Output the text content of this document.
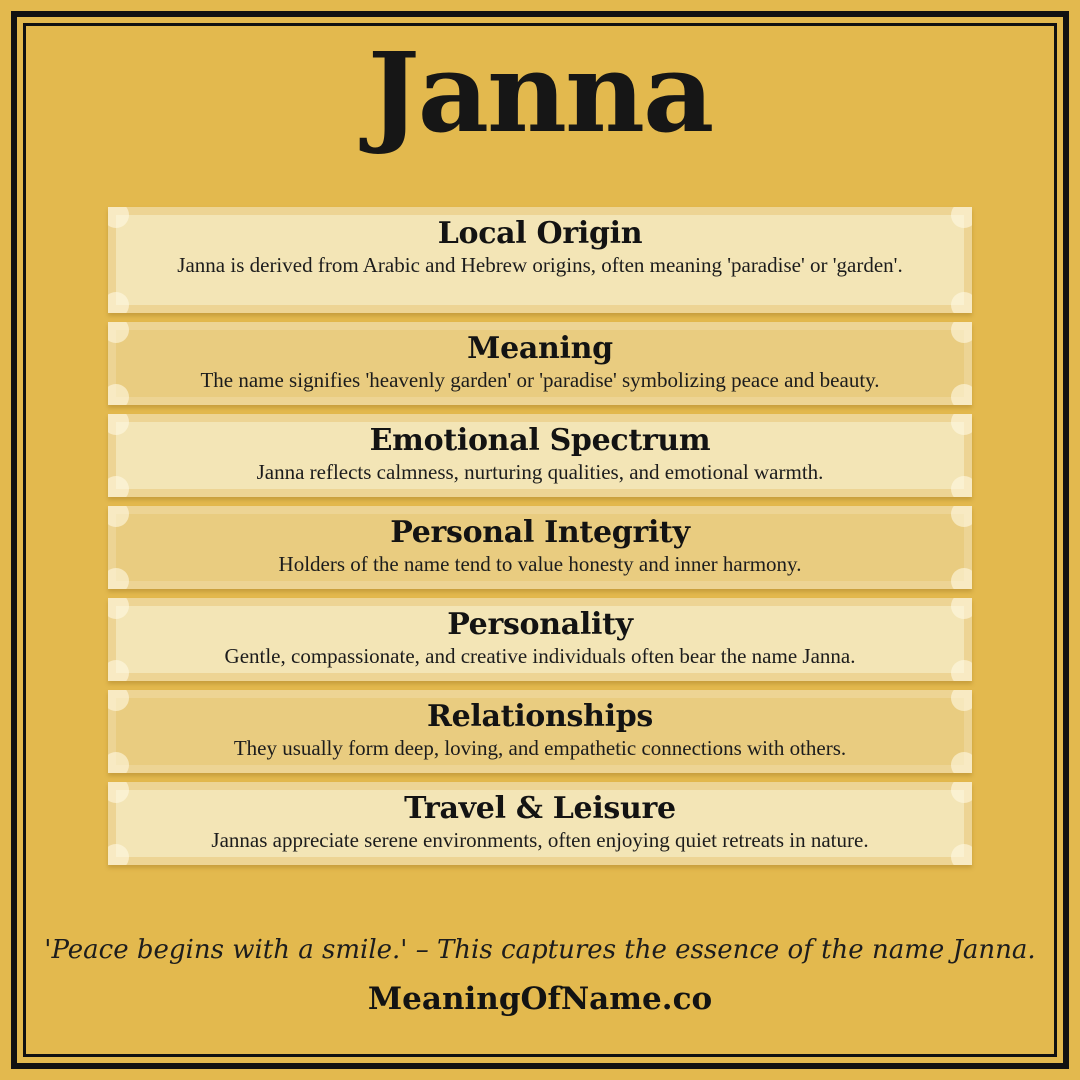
Janna
Local Origin

Janna is derived from Arabic and Hebrew origins, often meaning 'paradise' or 'garden'.

Meaning

The name signifies 'heavenly garden' or 'paradise' symbolizing peace and beauty.

Emotional Spectrum

Janna reflects calmness, nurturing qualities, and emotional warmth.

Personal Integrity

Holders of the name tend to value honesty and inner harmony.

Personality

Gentle, compassionate, and creative individuals often bear the name Janna.

Relationships

They usually form deep, loving, and empathetic connections with others.

Travel & Leisure

Jannas appreciate serene environments, often enjoying quiet retreats in nature.

'Peace begins with a smile.' – This captures the essence of the name Janna.
MeaningOfName.co
